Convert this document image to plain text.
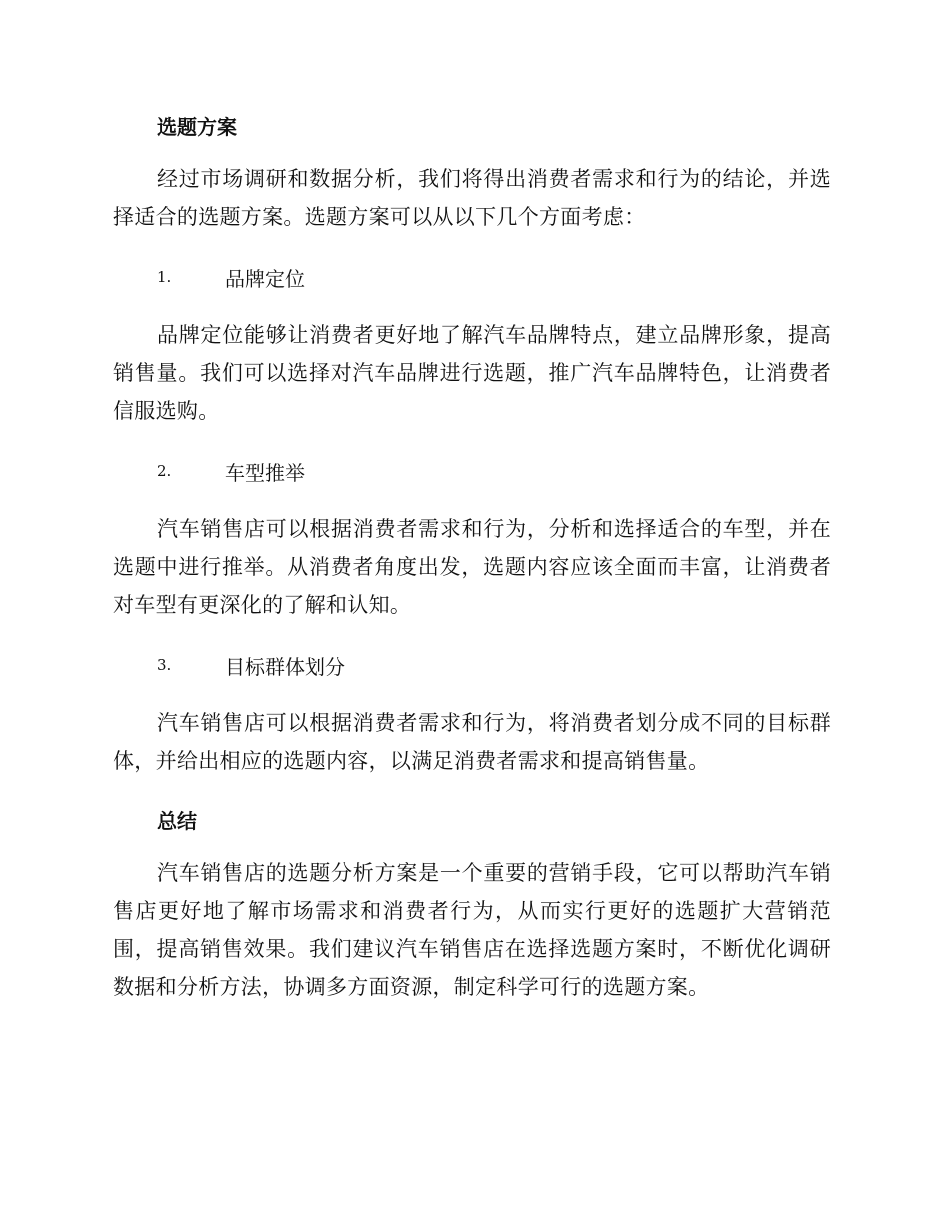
选题方案

经过市场调研和数据分析，我们将得出消费者需求和行为的结论，并选择适合的选题方案。选题方案可以从以下几个方面考虑：

1.	品牌定位

品牌定位能够让消费者更好地了解汽车品牌特点，建立品牌形象，提高销售量。我们可以选择对汽车品牌进行选题，推广汽车品牌特色，让消费者信服选购。

2.	车型推举

汽车销售店可以根据消费者需求和行为，分析和选择适合的车型，并在选题中进行推举。从消费者角度出发，选题内容应该全面而丰富，让消费者对车型有更深化的了解和认知。

3.	目标群体划分

汽车销售店可以根据消费者需求和行为，将消费者划分成不同的目标群体，并给出相应的选题内容，以满足消费者需求和提高销售量。

总结

汽车销售店的选题分析方案是一个重要的营销手段，它可以帮助汽车销售店更好地了解市场需求和消费者行为，从而实行更好的选题扩大营销范围，提高销售效果。我们建议汽车销售店在选择选题方案时，不断优化调研数据和分析方法，协调多方面资源，制定科学可行的选题方案。
